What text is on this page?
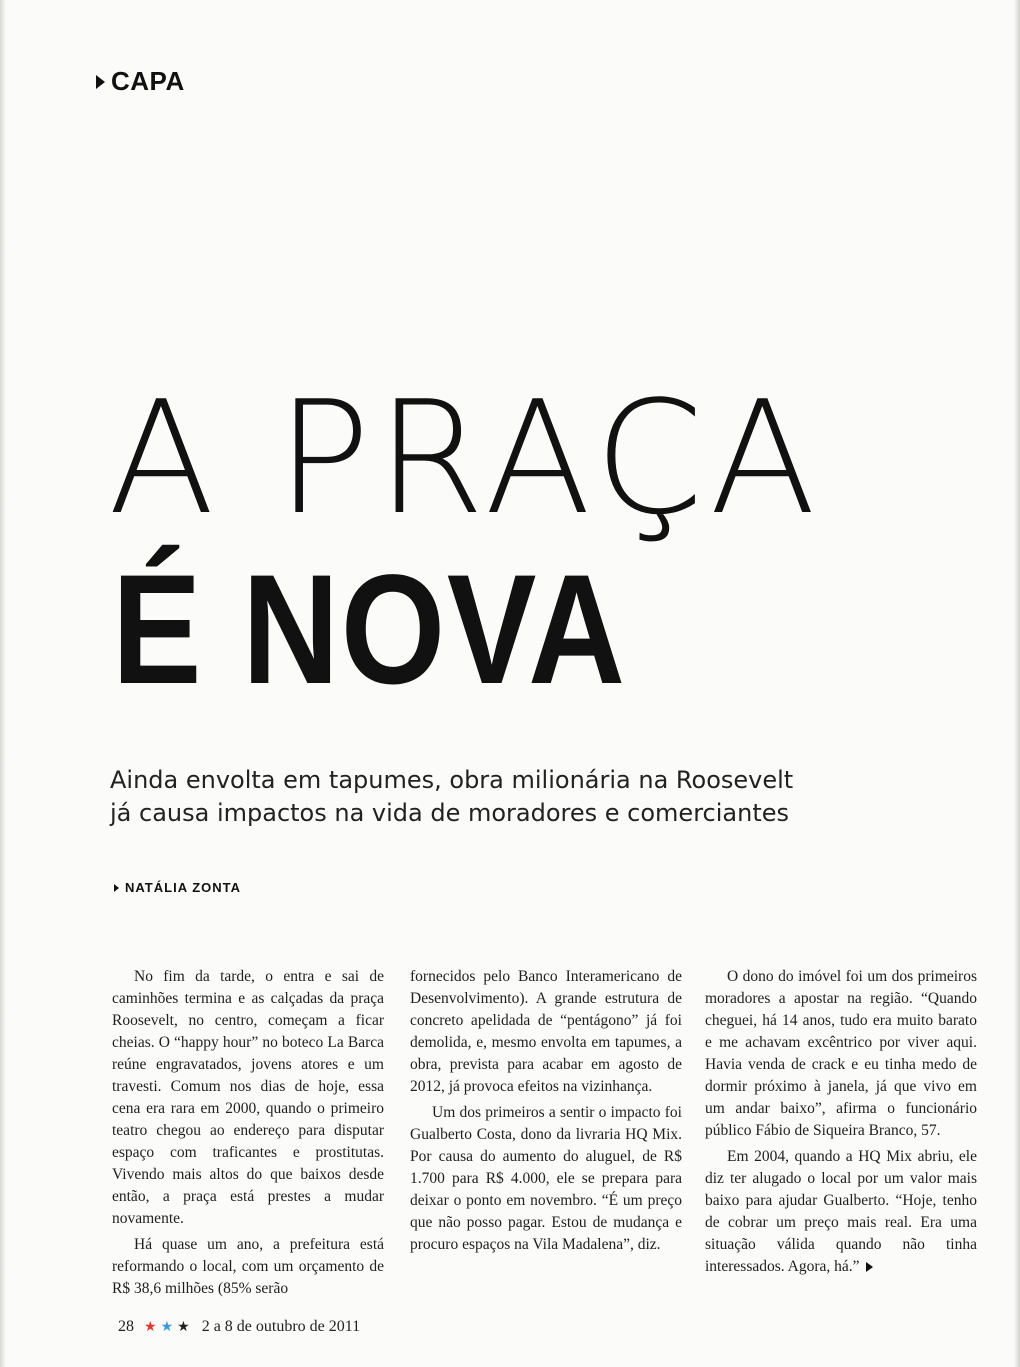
CAPA
A PRAÇA
É NOVA
Ainda envolta em tapumes, obra milionária na Roosevelt
já causa impactos na vida de moradores e comerciantes
NATÁLIA ZONTA

No fim da tarde, o entra e sai de caminhões termina e as calçadas da praça Roosevelt, no centro, começam a ficar cheias. O “happy hour” no boteco La Barca reúne engravatados, jovens atores e um travesti. Comum nos dias de hoje, essa cena era rara em 2000, quando o primeiro teatro chegou ao endereço para disputar espaço com traficantes e prostitutas. Vivendo mais altos do que baixos desde então, a praça está prestes a mudar novamente.

Há quase um ano, a prefeitura está reformando o local, com um orçamento de R$ 38,6 milhões (85% serão

fornecidos pelo Banco Interamericano de Desenvolvimento). A grande estrutura de concreto apelidada de “pentágono” já foi demolida, e, mesmo envolta em tapumes, a obra, prevista para acabar em agosto de 2012, já provoca efeitos na vizinhança.

Um dos primeiros a sentir o impacto foi Gualberto Costa, dono da livraria HQ Mix. Por causa do aumento do aluguel, de R$ 1.700 para R$ 4.000, ele se prepara para deixar o ponto em novembro. “É um preço que não posso pagar. Estou de mudança e procuro espaços na Vila Madalena”, diz.

O dono do imóvel foi um dos primeiros moradores a apostar na região. “Quando cheguei, há 14 anos, tudo era muito barato e me achavam excêntrico por viver aqui. Havia venda de crack e eu tinha medo de dormir próximo à janela, já que vivo em um andar baixo”, afirma o funcionário público Fábio de Siqueira Branco, 57.

Em 2004, quando a HQ Mix abriu, ele diz ter alugado o local por um valor mais baixo para ajudar Gualberto. “Hoje, tenho de cobrar um preço mais real. Era uma situação válida quando não tinha interessados. Agora, há.”

28 ★ ★ ★ 2 a 8 de outubro de 2011
